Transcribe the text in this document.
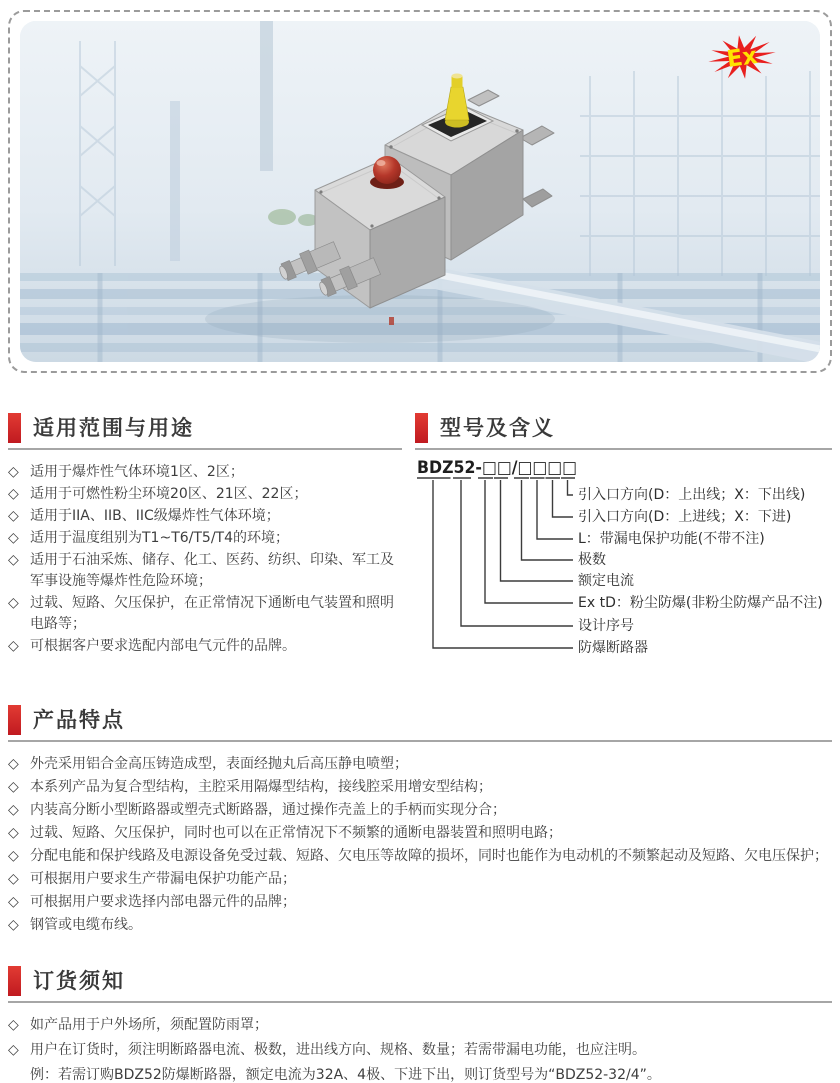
Ex
适用范围与用途
◇ 适用于爆炸性气体环境1区、2区；
◇ 适用于可燃性粉尘环境20区、21区、22区；
◇ 适用于IIA、IIB、IIC级爆炸性气体环境；
◇ 适用于温度组别为T1~T6/T5/T4的环境；
◇ 适用于石油采炼、储存、化工、医药、纺织、印染、军工及军事设施等爆炸性危险环境；
◇ 过载、短路、欠压保护，在正常情况下通断电气装置和照明电路等；
◇ 可根据客户要求选配内部电气元件的品牌。
型号及含义
BDZ52-□□/□□□□
引入口方向(D：上出线；X：下出线)
引入口方向(D：上进线；X：下进)
L：带漏电保护功能(不带不注)
极数
额定电流
Ex tD：粉尘防爆(非粉尘防爆产品不注)
设计序号
防爆断路器
产品特点
◇ 外壳采用铝合金高压铸造成型，表面经抛丸后高压静电喷塑；
◇ 本系列产品为复合型结构，主腔采用隔爆型结构，接线腔采用增安型结构；
◇ 内装高分断小型断路器或塑壳式断路器，通过操作壳盖上的手柄而实现分合；
◇ 过载、短路、欠压保护，同时也可以在正常情况下不频繁的通断电器装置和照明电路；
◇ 分配电能和保护线路及电源设备免受过载、短路、欠电压等故障的损坏，同时也能作为电动机的不频繁起动及短路、欠电压保护；
◇ 可根据用户要求生产带漏电保护功能产品；
◇ 可根据用户要求选择内部电器元件的品牌；
◇ 钢管或电缆布线。
订货须知
◇ 如产品用于户外场所，须配置防雨罩；
◇ 用户在订货时，须注明断路器电流、极数，进出线方向、规格、数量；若需带漏电功能，也应注明。
例：若需订购BDZ52防爆断路器，额定电流为32A、4极、下进下出，则订货型号为“BDZ52-32/4”。
